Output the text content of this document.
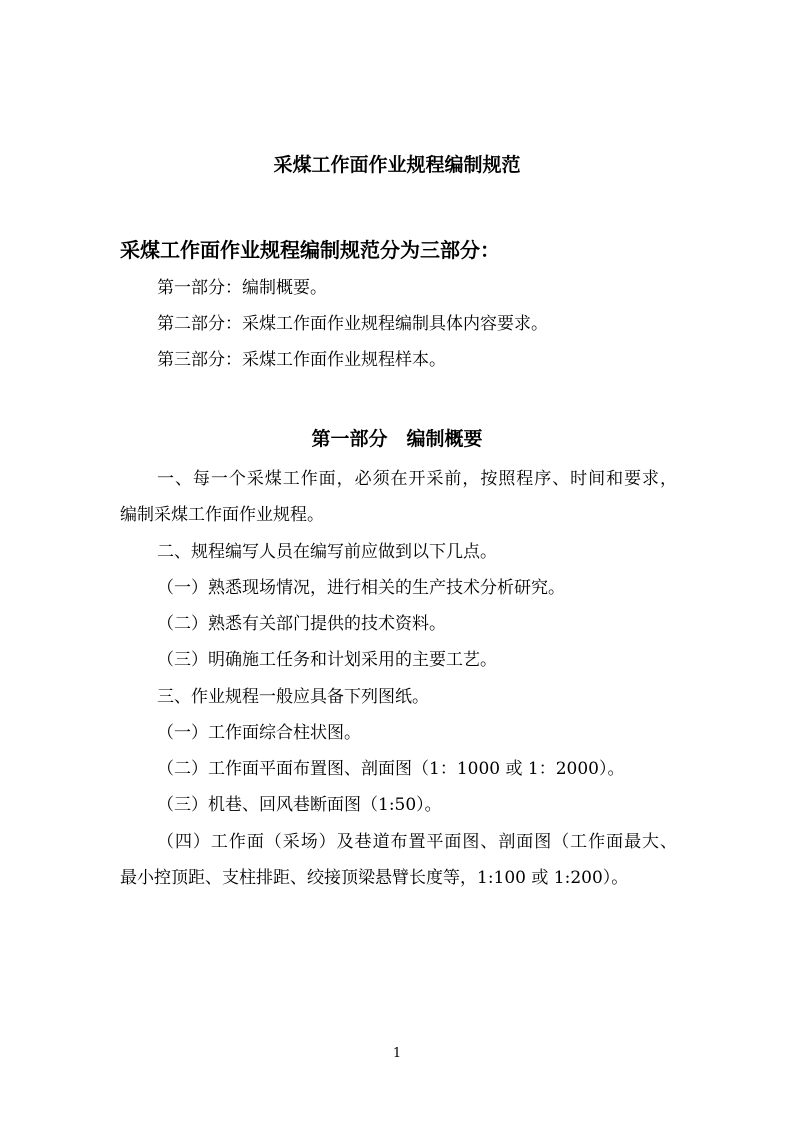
采煤工作面作业规程编制规范
采煤工作面作业规程编制规范分为三部分：
第一部分：编制概要。
第二部分：采煤工作面作业规程编制具体内容要求。
第三部分：采煤工作面作业规程样本。
第一部分　编制概要
一、每一个采煤工作面，必须在开采前，按照程序、时间和要求，
编制采煤工作面作业规程。
二、规程编写人员在编写前应做到以下几点。
（一）熟悉现场情况，进行相关的生产技术分析研究。
（二）熟悉有关部门提供的技术资料。
（三）明确施工任务和计划采用的主要工艺。
三、作业规程一般应具备下列图纸。
（一）工作面综合柱状图。
（二）工作面平面布置图、剖面图（1：1000 或 1：2000）。
（三）机巷、回风巷断面图（1:50）。
（四）工作面（采场）及巷道布置平面图、剖面图（工作面最大、
最小控顶距、支柱排距、绞接顶梁悬臂长度等，1:100 或 1:200）。
1
